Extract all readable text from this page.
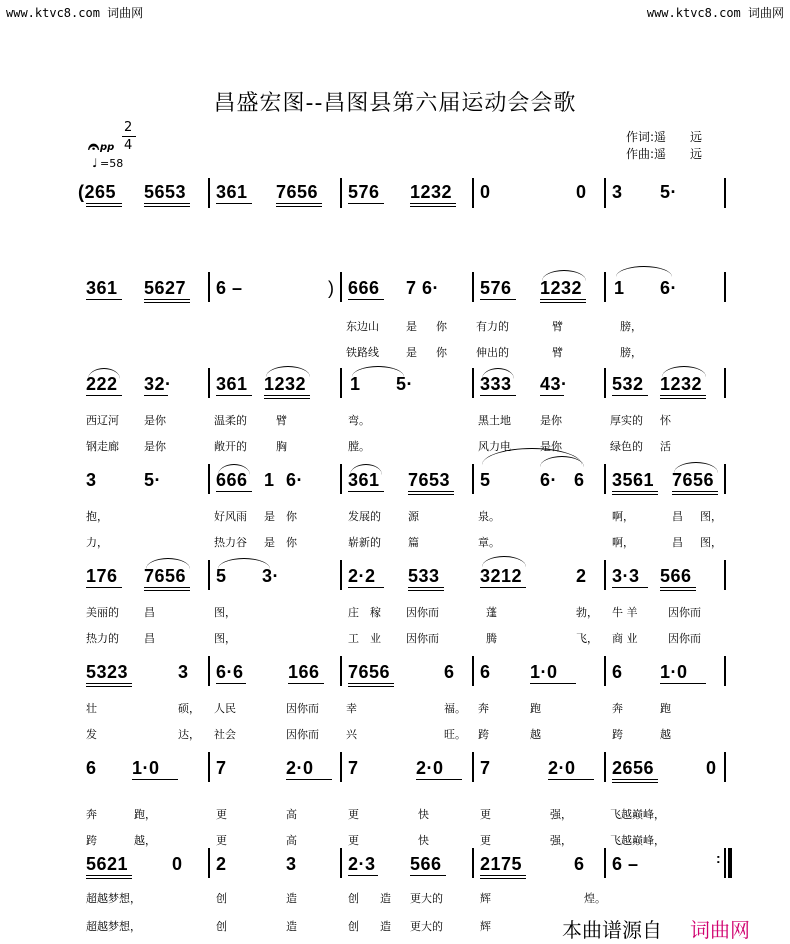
www.ktvc8.com 词曲网	www.ktvc8.com 词曲网
昌盛宏图--昌图县第六届运动会会歌
2
4
𝄐 pp
♩ =58
作词:遥　　远
作曲:遥　　远
(265 5653 361 7656 576 1232 0	0 3 5·
361 5627 6 –	) 666 7 6· 576 1232 1 6·
东边山 是 你	有力的	臂	膀，
铁路线 是 你	伸出的	臂	膀，
222 32· 361 1232 1 5·	333 43· 532 1232
西辽河 是你	温柔的	臂	弯。	黑土地	是你	厚实的 怀
钢走廊 是你	敞开的	胸	膛。	风力电	是你	绿色的 活
3	5·	666 1 6· 361 7653 5	6· 6 3561 7656
抱，	好风雨 是 你	发展的 源	泉。	啊，	昌 图，
力，	热力谷 是 你	崭新的 篇	章。	啊，	昌 图，
176 7656 5 3·	2·2 533 3212	2 3·3 566
美丽的 昌	图，	庄 稼 因你而	蓬	勃， 牛 羊	因你而
热力的 昌	图，	工 业 因你而	腾	飞， 商 业	因你而
5323	3 6·6 166 7656	6 6 1·0	6 1·0
壮	硕， 人民	因你而 幸	福。 奔	跑	奔	跑
发	达， 社会	因你而 兴	旺。 跨	越	跨	越
6 1·0	7	2·0 7	2·0 7	2·0 2656	0
奔	跑，	更	高	更	快	更	强，	飞越巅峰，
跨	越，	更	高	更	快	更	强，	飞越巅峰，
5621 0 2	3	2·3 566 2175	6 6 –	:
超越梦想，	创	造	创 造 更大的	辉	煌。
超越梦想，	创	造	创 造 更大的	辉	本曲谱源自 词曲网
